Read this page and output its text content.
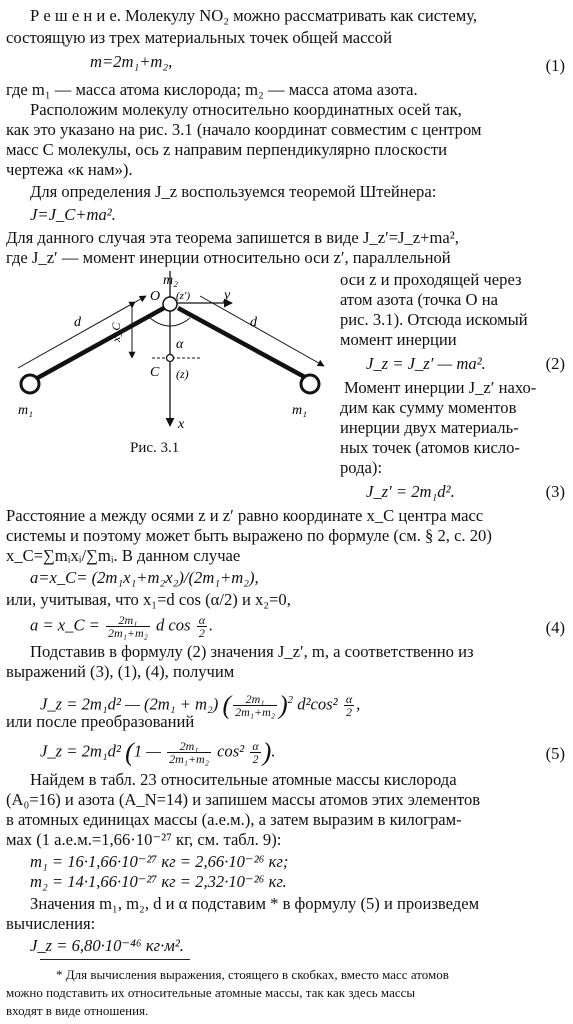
Р е ш е н и е. Молекулу NO₂ можно рассматривать как систему,
состоящую из трех материальных точек общей массой
m=2m₁+m₂,	(1)
где m₁ — масса атома кислорода; m₂ — масса атома азота.
Расположим молекулу относительно координатных осей так,
как это указано на рис. 3.1 (начало координат совместим с центром
масс C молекулы, ось z направим перпендикулярно плоскости
чертежа «к нам»).
Для определения J_z воспользуемся теоремой Штейнера:
J=J_C+ma².
Для данного случая эта теорема запишется в виде J_z′=J_z+ma²,
где J_z′ — момент инерции относительно оси z′, параллельной
m₂
O (z′) y
d	d
x_C
α
C (z)
m₁	m₁
x
Рис. 3.1
оси z и проходящей через
атом азота (точка O на
рис. 3.1). Отсюда искомый
момент инерции
J_z = J_z′ — ma².	(2)
Момент инерции J_z′ нахо-
дим как сумму моментов
инерции двух материаль-
ных точек (атомов кисло-
рода):
J_z′ = 2m₁d².	(3)
Расстояние a между осями z и z′ равно координате x_C центра масс
системы и поэтому может быть выражено по формуле (см. § 2, с. 20)
x_C=∑mᵢxᵢ/∑mᵢ. В данном случае
a=x_C= (2m₁x₁+m₂x₂)/(2m₁+m₂),
или, учитывая, что x₁=d cos (α/2) и x₂=0,
a = x_C = $\frac{\text{2m₁}}{\text{2m₁+m₂}}$ d $\cos \frac{\alpha}{2}$ .	(4)
Подставив в формулу (2) значения J_z′, m, a соответственно из
выражений (3), (1), (4), получим
J_z = 2m₁d² — (2m₁ + m₂) ( $\frac{\text{2m₁}}{\text{2m₁+m₂}} )^2$ $d^2\cos^2 \frac{\alpha}{2}$ ,
или после преобразований
J_z = 2m₁d² (1 — $\frac{\text{2m₁}}{\text{2m₁+m₂}} \cos^2 \frac{\alpha}{2}$ ).	(5)
Найдем в табл. 23 относительные атомные массы кислорода
(A₀=16) и азота (A_N=14) и запишем массы атомов этих элементов
в атомных единицах массы (а.е.м.), а затем выразим в килограм-
мах (1 а.е.м.=1,66·10⁻²⁷ кг, см. табл. 9):
m₁ = 16·1,66·10⁻²⁷ кг = 2,66·10⁻²⁶ кг;
m₂ = 14·1,66·10⁻²⁷ кг = 2,32·10⁻²⁶ кг.
Значения m₁, m₂, d и α подставим * в формулу (5) и произведем
вычисления:
J_z = 6,80·10⁻⁴⁶ кг·м².
* Для вычисления выражения, стоящего в скобках, вместо масс атомов
можно подставить их относительные атомные массы, так как здесь массы
входят в виде отношения.
